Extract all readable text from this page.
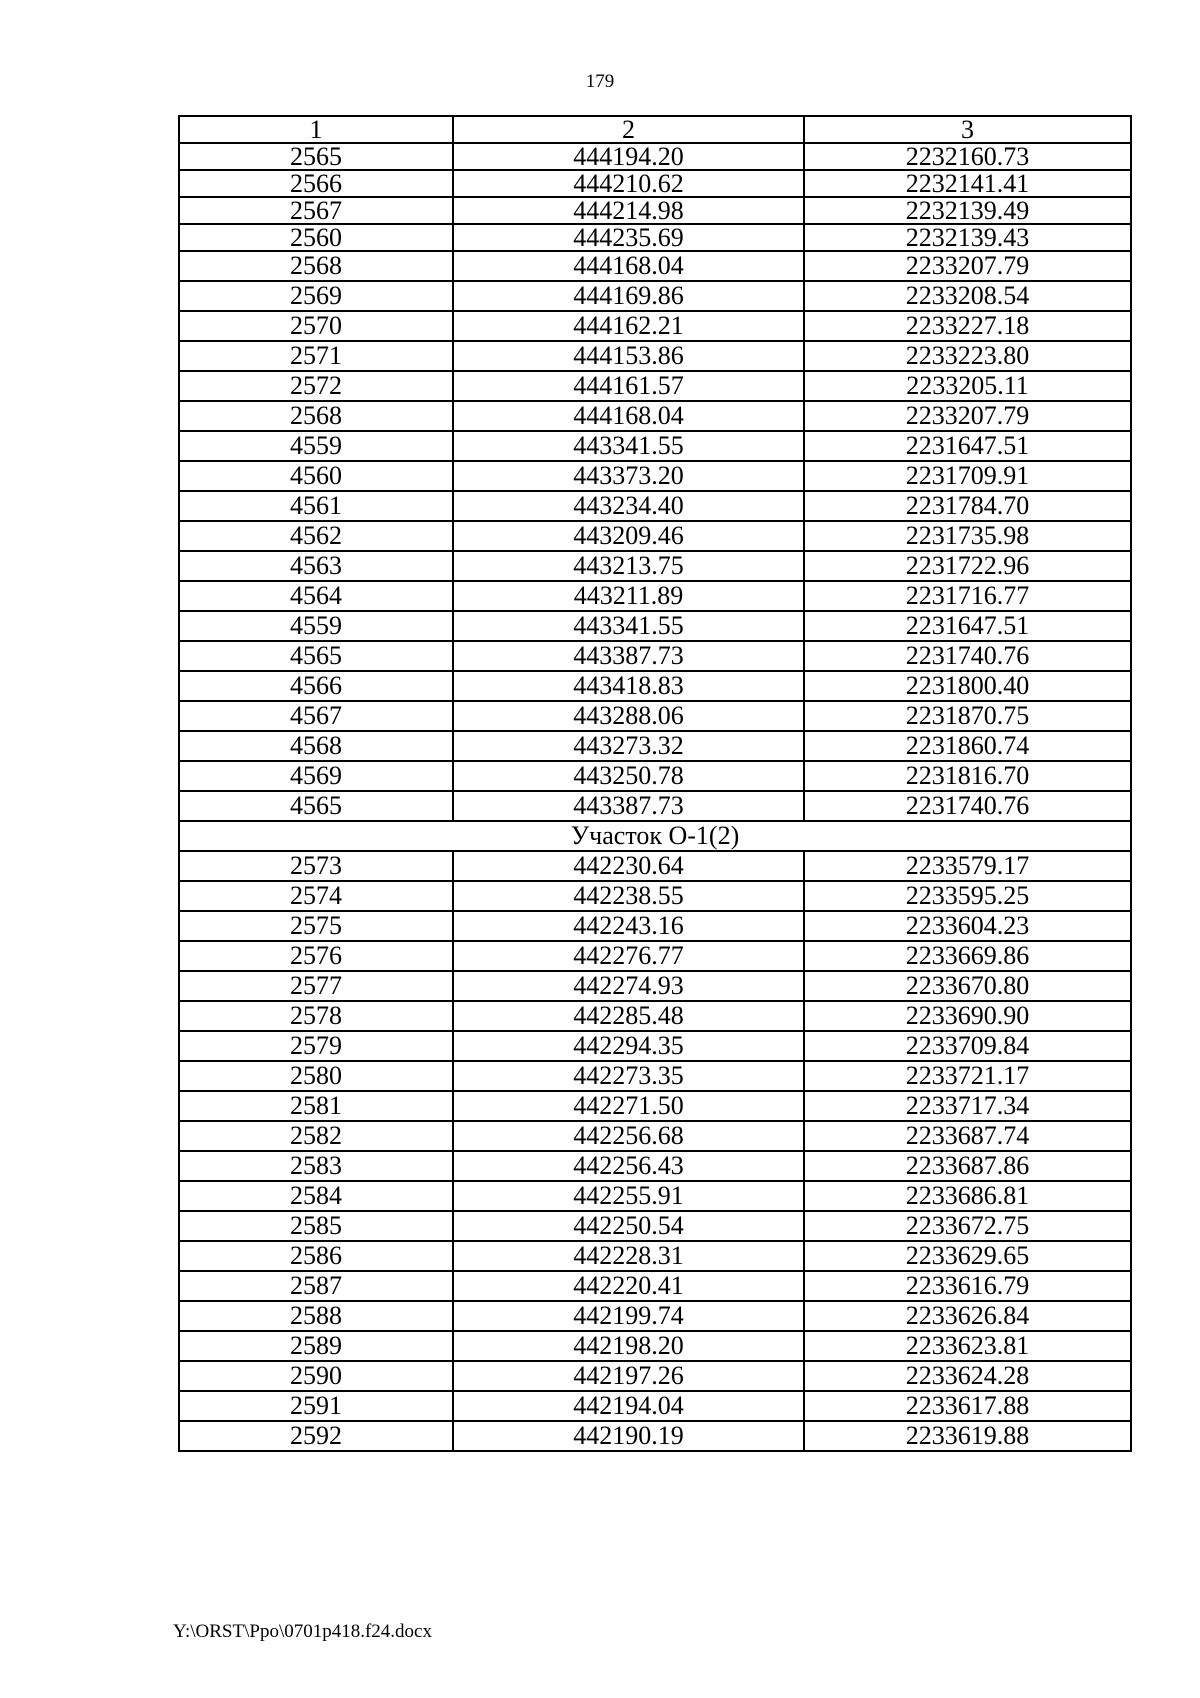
179
1	2	3
2565	444194.20	2232160.73
2566	444210.62	2232141.41
2567	444214.98	2232139.49
2560	444235.69	2232139.43
2568	444168.04	2233207.79
2569	444169.86	2233208.54
2570	444162.21	2233227.18
2571	444153.86	2233223.80
2572	444161.57	2233205.11
2568	444168.04	2233207.79
4559	443341.55	2231647.51
4560	443373.20	2231709.91
4561	443234.40	2231784.70
4562	443209.46	2231735.98
4563	443213.75	2231722.96
4564	443211.89	2231716.77
4559	443341.55	2231647.51
4565	443387.73	2231740.76
4566	443418.83	2231800.40
4567	443288.06	2231870.75
4568	443273.32	2231860.74
4569	443250.78	2231816.70
4565	443387.73	2231740.76
Участок О-1(2)		
2573	442230.64	2233579.17
2574	442238.55	2233595.25
2575	442243.16	2233604.23
2576	442276.77	2233669.86
2577	442274.93	2233670.80
2578	442285.48	2233690.90
2579	442294.35	2233709.84
2580	442273.35	2233721.17
2581	442271.50	2233717.34
2582	442256.68	2233687.74
2583	442256.43	2233687.86
2584	442255.91	2233686.81
2585	442250.54	2233672.75
2586	442228.31	2233629.65
2587	442220.41	2233616.79
2588	442199.74	2233626.84
2589	442198.20	2233623.81
2590	442197.26	2233624.28
2591	442194.04	2233617.88
2592	442190.19	2233619.88
Y:\ORST\Ppo\0701p418.f24.docx
